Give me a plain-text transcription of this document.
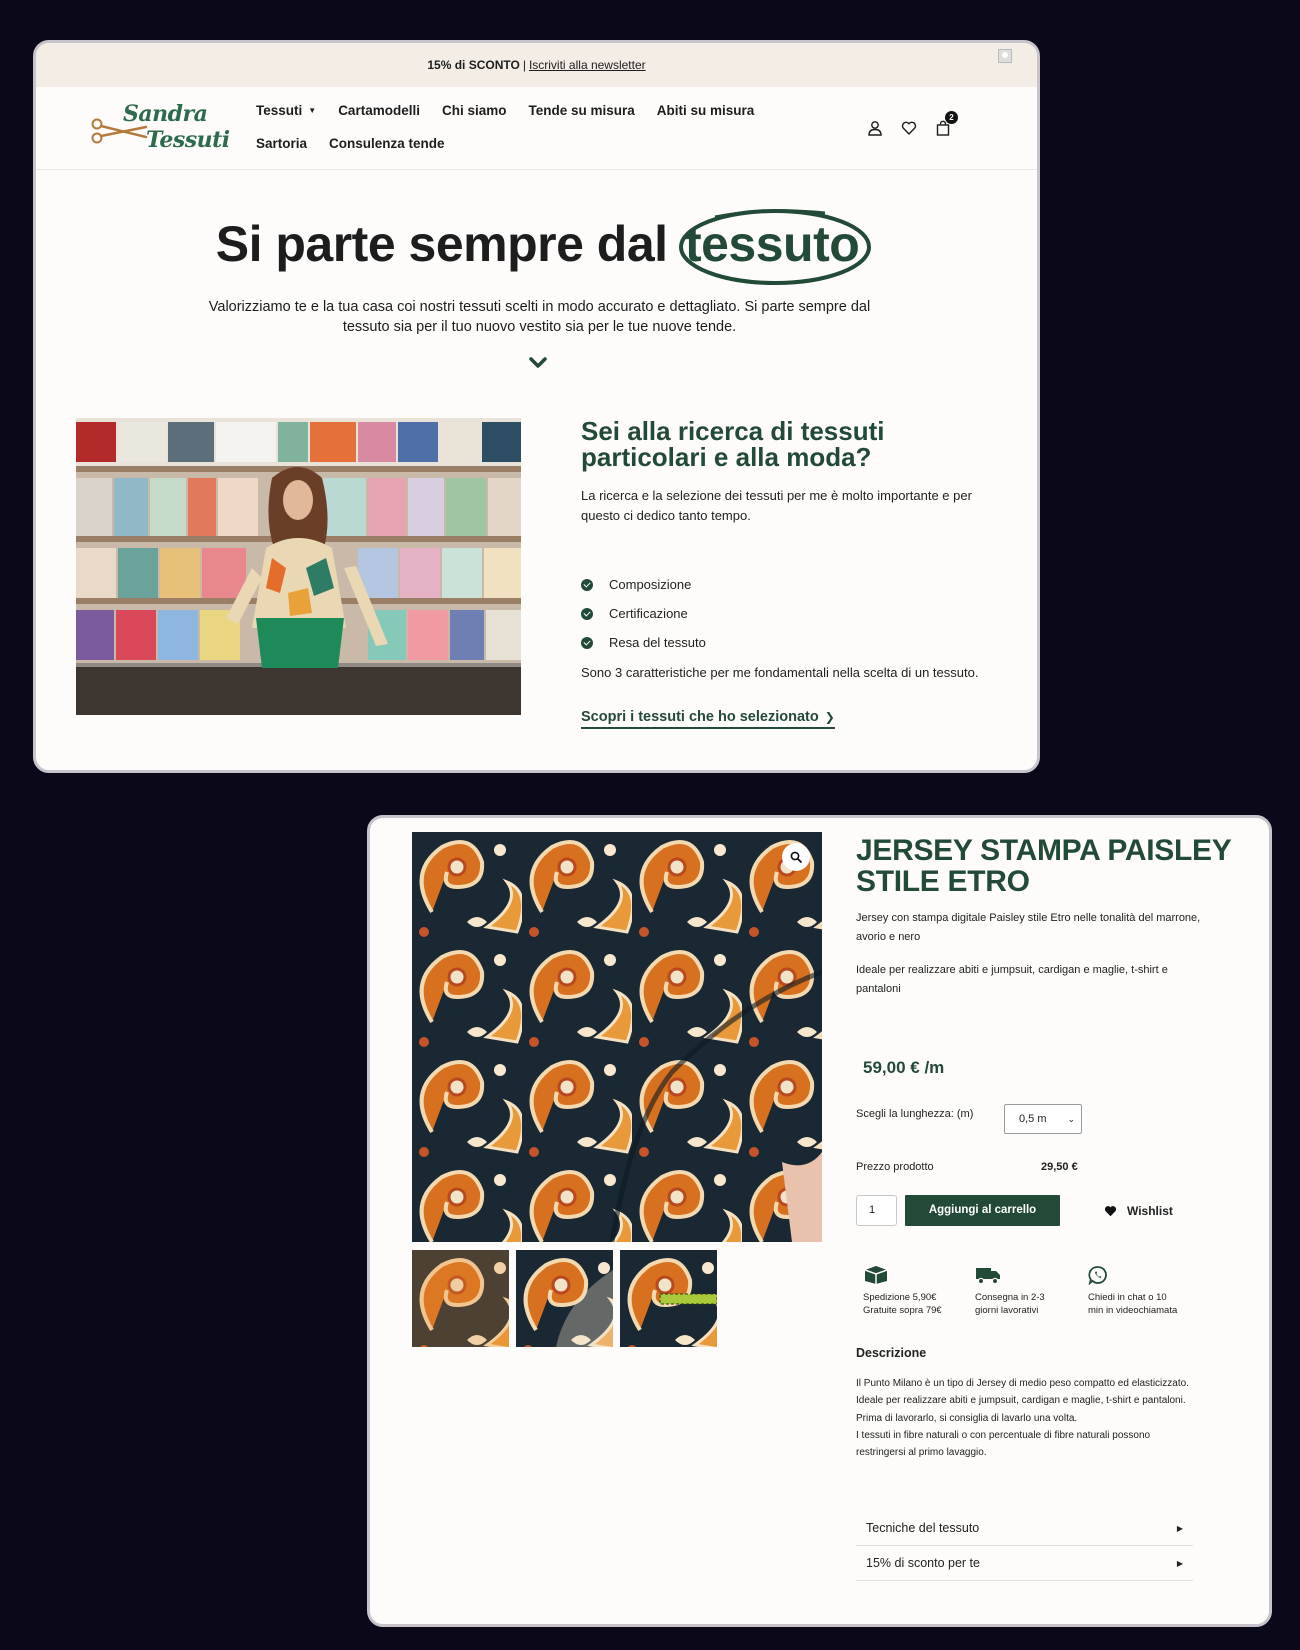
15% di SCONTO | Iscriviti alla newsletter
Sandra
Tessuti
Tessuti ▼ Cartamodelli Chi siamo Tende su misura Abiti su misura
Sartoria Consulenza tende
2
Si parte sempre dal tessuto

Valorizziamo te e la tua casa coi nostri tessuti scelti in modo accurato e dettagliato. Si parte sempre dal tessuto sia per il tuo nuovo vestito sia per le tue nuove tende.

Sei alla ricerca di tessuti particolari e alla moda?

La ricerca e la selezione dei tessuti per me è molto importante e per questo ci dedico tanto tempo.

Composizione
Certificazione
Resa del tessuto

Sono 3 caratteristiche per me fondamentali nella scelta di un tessuto.

Scopri i tessuti che ho selezionato ❯
JERSEY STAMPA PAISLEY STILE ETRO

Jersey con stampa digitale Paisley stile Etro nelle tonalità del marrone, avorio e nero

Ideale per realizzare abiti e jumpsuit, cardigan e maglie, t-shirt e pantaloni

59,00 € /m
Scegli la lunghezza: (m)	0,5 m ⌄
Prezzo prodotto	29,50 €
1	Aggiungi al carrello	Wishlist
Spedizione 5,90€
Gratuite sopra 79€
Consegna in 2-3
giorni lavorativi
Chiedi in chat o 10
min in videochiamata
Descrizione
Il Punto Milano è un tipo di Jersey di medio peso compatto ed elasticizzato.
Ideale per realizzare abiti e jumpsuit, cardigan e maglie, t-shirt e pantaloni.
Prima di lavorarlo, si consiglia di lavarlo una volta.
I tessuti in fibre naturali o con percentuale di fibre naturali possono restringersi al primo lavaggio.
Tecniche del tessuto	▶
15% di sconto per te	▶
